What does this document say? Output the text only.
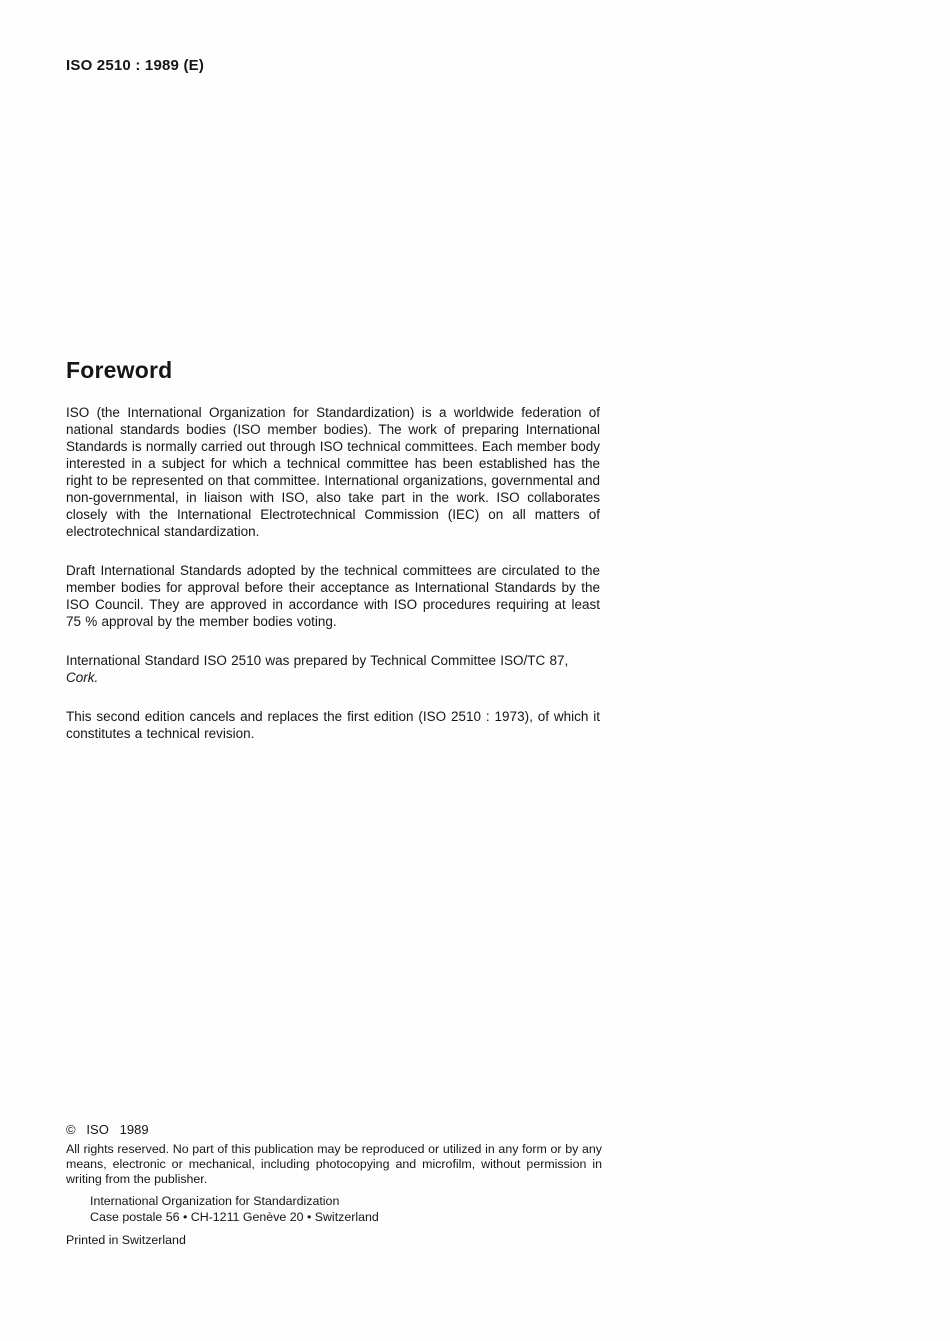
ISO 2510 : 1989 (E)
Foreword

ISO (the International Organization for Standardization) is a worldwide federation of national standards bodies (ISO member bodies). The work of preparing International Standards is normally carried out through ISO technical committees. Each member body interested in a subject for which a technical committee has been established has the right to be represented on that committee. International organizations, governmental and non-governmental, in liaison with ISO, also take part in the work. ISO collaborates closely with the International Electrotechnical Commission (IEC) on all matters of electrotechnical standardization.

Draft International Standards adopted by the technical committees are circulated to the member bodies for approval before their acceptance as International Standards by the ISO Council. They are approved in accordance with ISO procedures requiring at least 75 % approval by the member bodies voting.

International Standard ISO 2510 was prepared by Technical Committee ISO/TC 87,
Cork.

This second edition cancels and replaces the first edition (ISO 2510 : 1973), of which it constitutes a technical revision.

©   ISO   1989

All rights reserved. No part of this publication may be reproduced or utilized in any form or by any means, electronic or mechanical, including photocopying and microfilm, without permission in writing from the publisher.

International Organization for Standardization
Case postale 56 • CH-1211 Genève 20 • Switzerland
Printed in Switzerland
